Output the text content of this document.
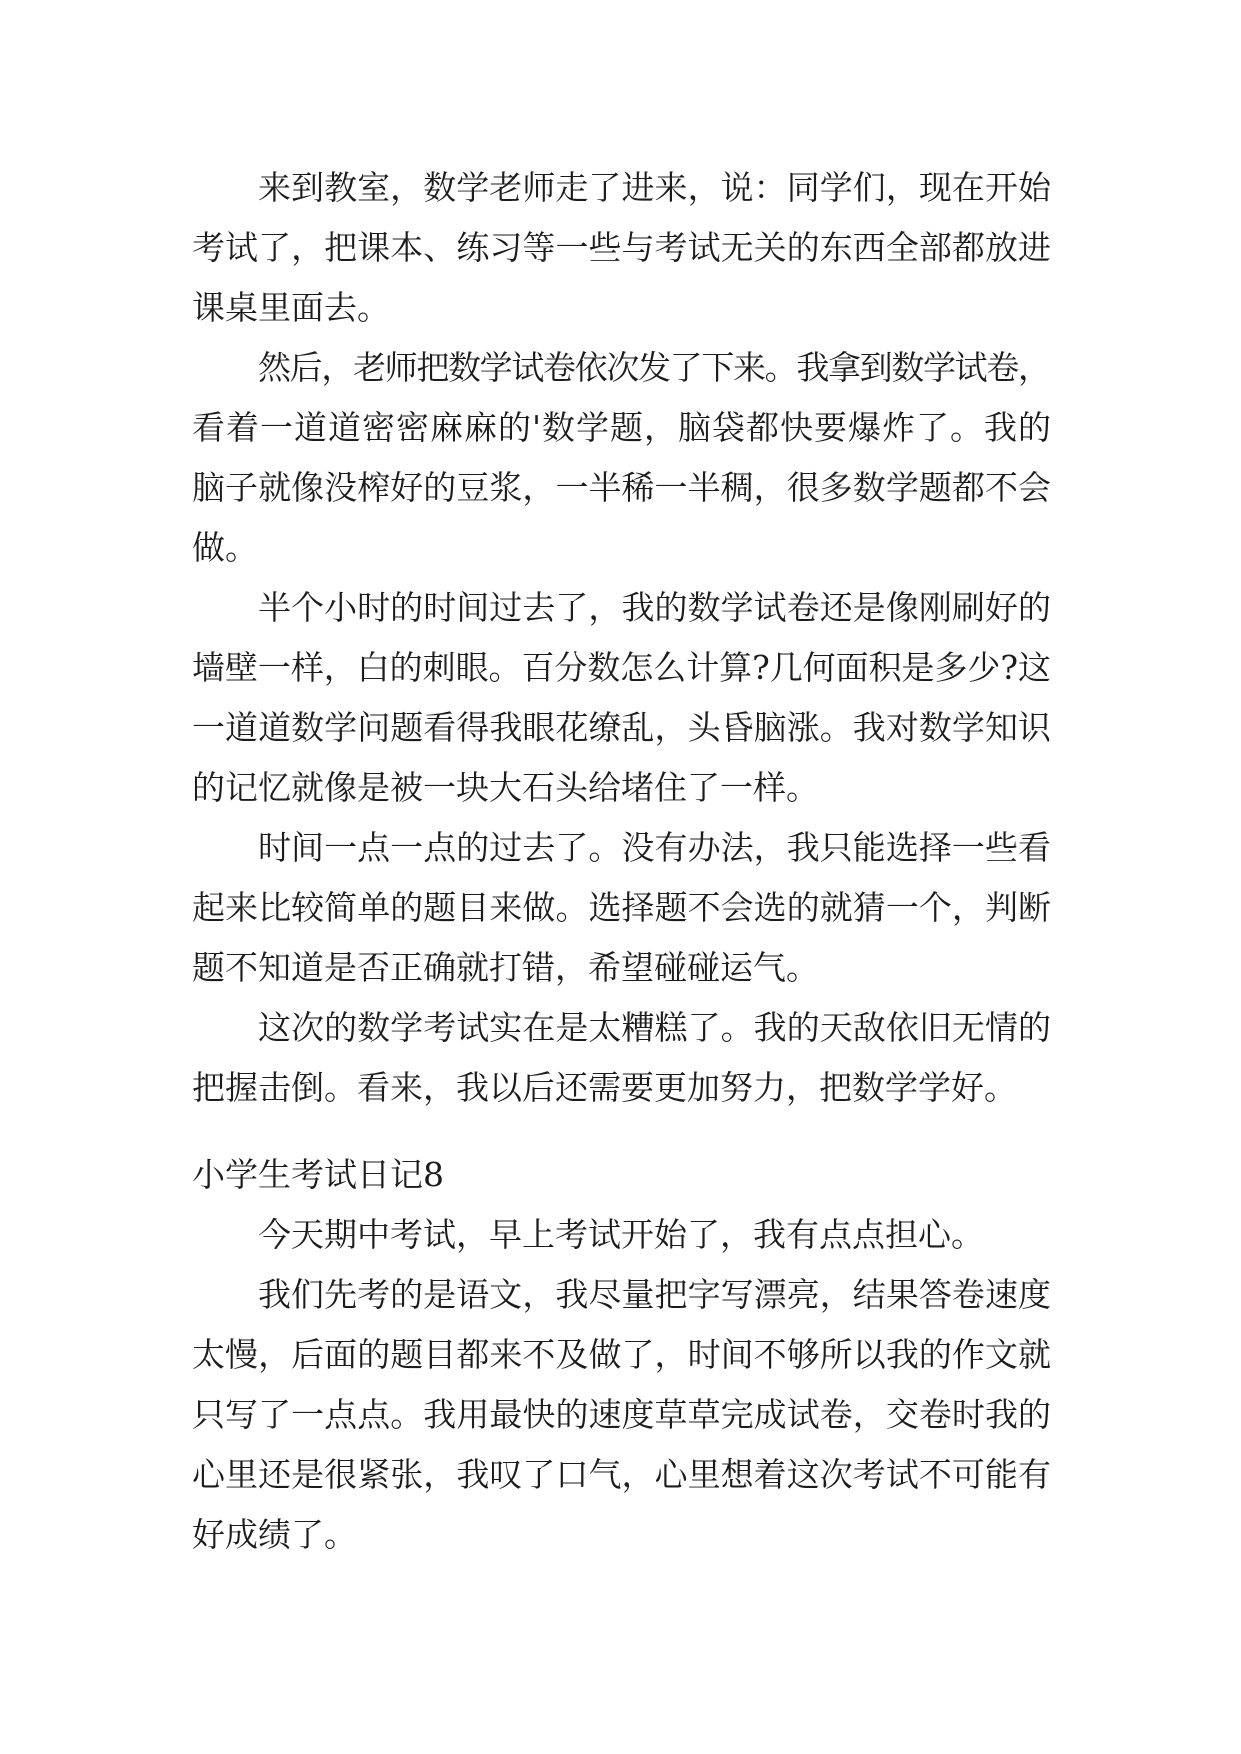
来到教室，数学老师走了进来，说：同学们，现在开始
考试了，把课本、练习等一些与考试无关的东西全部都放进
课桌里面去。
然后，老师把数学试卷依次发了下来。我拿到数学试卷，
看着一道道密密麻麻的'数学题，脑袋都快要爆炸了。我的
脑子就像没榨好的豆浆，一半稀一半稠，很多数学题都不会
做。
半个小时的时间过去了，我的数学试卷还是像刚刷好的
墙壁一样，白的刺眼。百分数怎么计算?几何面积是多少?这
一道道数学问题看得我眼花缭乱，头昏脑涨。我对数学知识
的记忆就像是被一块大石头给堵住了一样。
时间一点一点的过去了。没有办法，我只能选择一些看
起来比较简单的题目来做。选择题不会选的就猜一个，判断
题不知道是否正确就打错，希望碰碰运气。
这次的数学考试实在是太糟糕了。我的天敌依旧无情的
把握击倒。看来，我以后还需要更加努力，把数学学好。
小学生考试日记8
今天期中考试，早上考试开始了，我有点点担心。
我们先考的是语文，我尽量把字写漂亮，结果答卷速度
太慢，后面的题目都来不及做了，时间不够所以我的作文就
只写了一点点。我用最快的速度草草完成试卷，交卷时我的
心里还是很紧张，我叹了口气，心里想着这次考试不可能有
好成绩了。
